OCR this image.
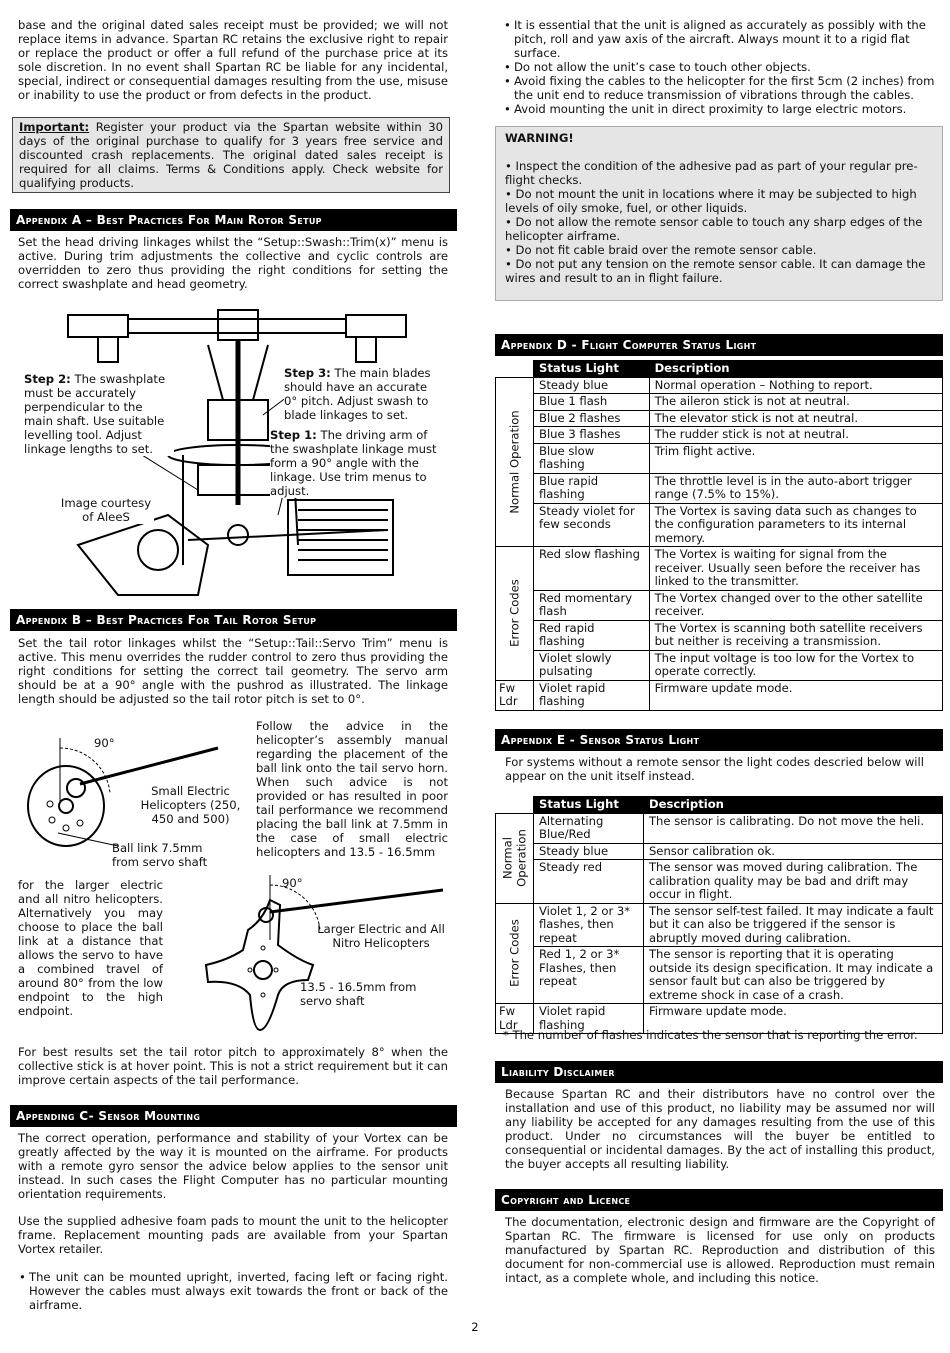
base and the original dated sales receipt must be provided; we will not replace items in advance. Spartan RC retains the exclusive right to repair or replace the product or offer a full refund of the purchase price at its sole discretion. In no event shall Spartan RC be liable for any incidental, special, indirect or consequential damages resulting from the use, misuse or inability to use the product or from defects in the product.

Important: Register your product via the Spartan website within 30 days of the original purchase to qualify for 3 years free service and discounted crash replacements. The original dated sales receipt is required for all claims. Terms & Conditions apply. Check website for qualifying products.

Appendix A – Best Practices For Main Rotor Setup

Set the head driving linkages whilst the “Setup::Swash::Trim(x)” menu is active. During trim adjustments the collective and cyclic controls are overridden to zero thus providing the right conditions for setting the correct swashplate and head geometry.

Step 2: The swashplate must be accurately perpendicular to the main shaft. Use suitable levelling tool. Adjust linkage lengths to set.
Step 3: The main blades should have an accurate 0° pitch. Adjust swash to blade linkages to set.
Step 1: The driving arm of the swashplate linkage must form a 90° angle with the linkage. Use trim menus to adjust.
Image courtesy of AleeS
Appendix B – Best Practices For Tail Rotor Setup

Set the tail rotor linkages whilst the “Setup::Tail::Servo Trim” menu is active. This menu overrides the rudder control to zero thus providing the right conditions for setting the correct tail geometry. The servo arm should be at a 90° angle with the pushrod as illustrated. The linkage length should be adjusted so the tail rotor pitch is set to 0°.

90°
Small Electric Helicopters (250, 450 and 500)
Ball link 7.5mm from servo shaft

Follow the advice in the helicopter’s assembly manual regarding the placement of the ball link onto the tail servo horn. When such advice is not provided or has resulted in poor tail performance we recommend placing the ball link at 7.5mm in the case of small electric helicopters and 13.5 - 16.5mm

for the larger electric and all nitro helicopters. Alternatively you may choose to place the ball link at a distance that allows the servo to have a combined travel of around 80° from the low endpoint to the high endpoint.

90°
Larger Electric and All Nitro Helicopters
13.5 - 16.5mm from servo shaft

For best results set the tail rotor pitch to approximately 8° when the collective stick is at hover point. This is not a strict requirement but it can improve certain aspects of the tail performance.

Appending C- Sensor Mounting

The correct operation, performance and stability of your Vortex can be greatly affected by the way it is mounted on the airframe. For products with a remote gyro sensor the advice below applies to the sensor unit instead. In such cases the Flight Computer has no particular mounting orientation requirements.

Use the supplied adhesive foam pads to mount the unit to the helicopter frame. Replacement mounting pads are available from your Spartan Vortex retailer.

• The unit can be mounted upright, inverted, facing left or facing right. However the cables must always exit towards the front or back of the airframe.
• It is essential that the unit is aligned as accurately as possibly with the pitch, roll and yaw axis of the aircraft. Always mount it to a rigid flat surface.
• Do not allow the unit’s case to touch other objects.
• Avoid fixing the cables to the helicopter for the first 5cm (2 inches) from the unit end to reduce transmission of vibrations through the cables.
• Avoid mounting the unit in direct proximity to large electric motors.
WARNING!
• Inspect the condition of the adhesive pad as part of your regular pre-flight checks.
• Do not mount the unit in locations where it may be subjected to high levels of oily smoke, fuel, or other liquids.
• Do not allow the remote sensor cable to touch any sharp edges of the helicopter airframe.
• Do not fit cable braid over the remote sensor cable.
• Do not put any tension on the remote sensor cable. It can damage the wires and result to an in flight failure.
Appendix D - Flight Computer Status Light
	Status Light	Description

Normal Operation	Steady blue	Normal operation – Nothing to report.
	Blue 1 flash	The aileron stick is not at neutral.
	Blue 2 flashes	The elevator stick is not at neutral.
	Blue 3 flashes	The rudder stick is not at neutral.
	Blue slow flashing	Trim flight active.
	Blue rapid flashing	The throttle level is in the auto-abort trigger range (7.5% to 15%).
	Steady violet for few seconds	The Vortex is saving data such as changes to the configuration parameters to its internal memory.

Error Codes	Red slow flashing	The Vortex is waiting for signal from the receiver. Usually seen before the receiver has linked to the transmitter.
	Red momentary flash	The Vortex changed over to the other satellite receiver.
	Red rapid flashing	The Vortex is scanning both satellite receivers but neither is receiving a transmission.
	Violet slowly pulsating	The input voltage is too low for the Vortex to operate correctly.
Fw Ldr	Violet rapid flashing	Firmware update mode.
Appendix E - Sensor Status Light

For systems without a remote sensor the light codes descried below will appear on the unit itself instead.

	Status Light	Description

Normal Operation	Alternating Blue/Red	The sensor is calibrating. Do not move the heli.
	Steady blue	Sensor calibration ok.
	Steady red	The sensor was moved during calibration. The calibration quality may be bad and drift may occur in flight.

Error Codes	Violet 1, 2 or 3* flashes, then repeat	The sensor self-test failed. It may indicate a fault but it can also be triggered if the sensor is abruptly moved during calibration.
	Red 1, 2 or 3* Flashes, then repeat	The sensor is reporting that it is operating outside its design specification. It may indicate a sensor fault but can also be triggered by extreme shock in case of a crash.
Fw Ldr	Violet rapid flashing	Firmware update mode.

* The number of flashes indicates the sensor that is reporting the error.

Liability Disclaimer

Because Spartan RC and their distributors have no control over the installation and use of this product, no liability may be assumed nor will any liability be accepted for any damages resulting from the use of this product. Under no circumstances will the buyer be entitled to consequential or incidental damages. By the act of installing this product, the buyer accepts all resulting liability.

Copyright and Licence

The documentation, electronic design and firmware are the Copyright of Spartan RC. The firmware is licensed for use only on products manufactured by Spartan RC. Reproduction and distribution of this document for non-commercial use is allowed. Reproduction must remain intact, as a complete whole, and including this notice.

2
